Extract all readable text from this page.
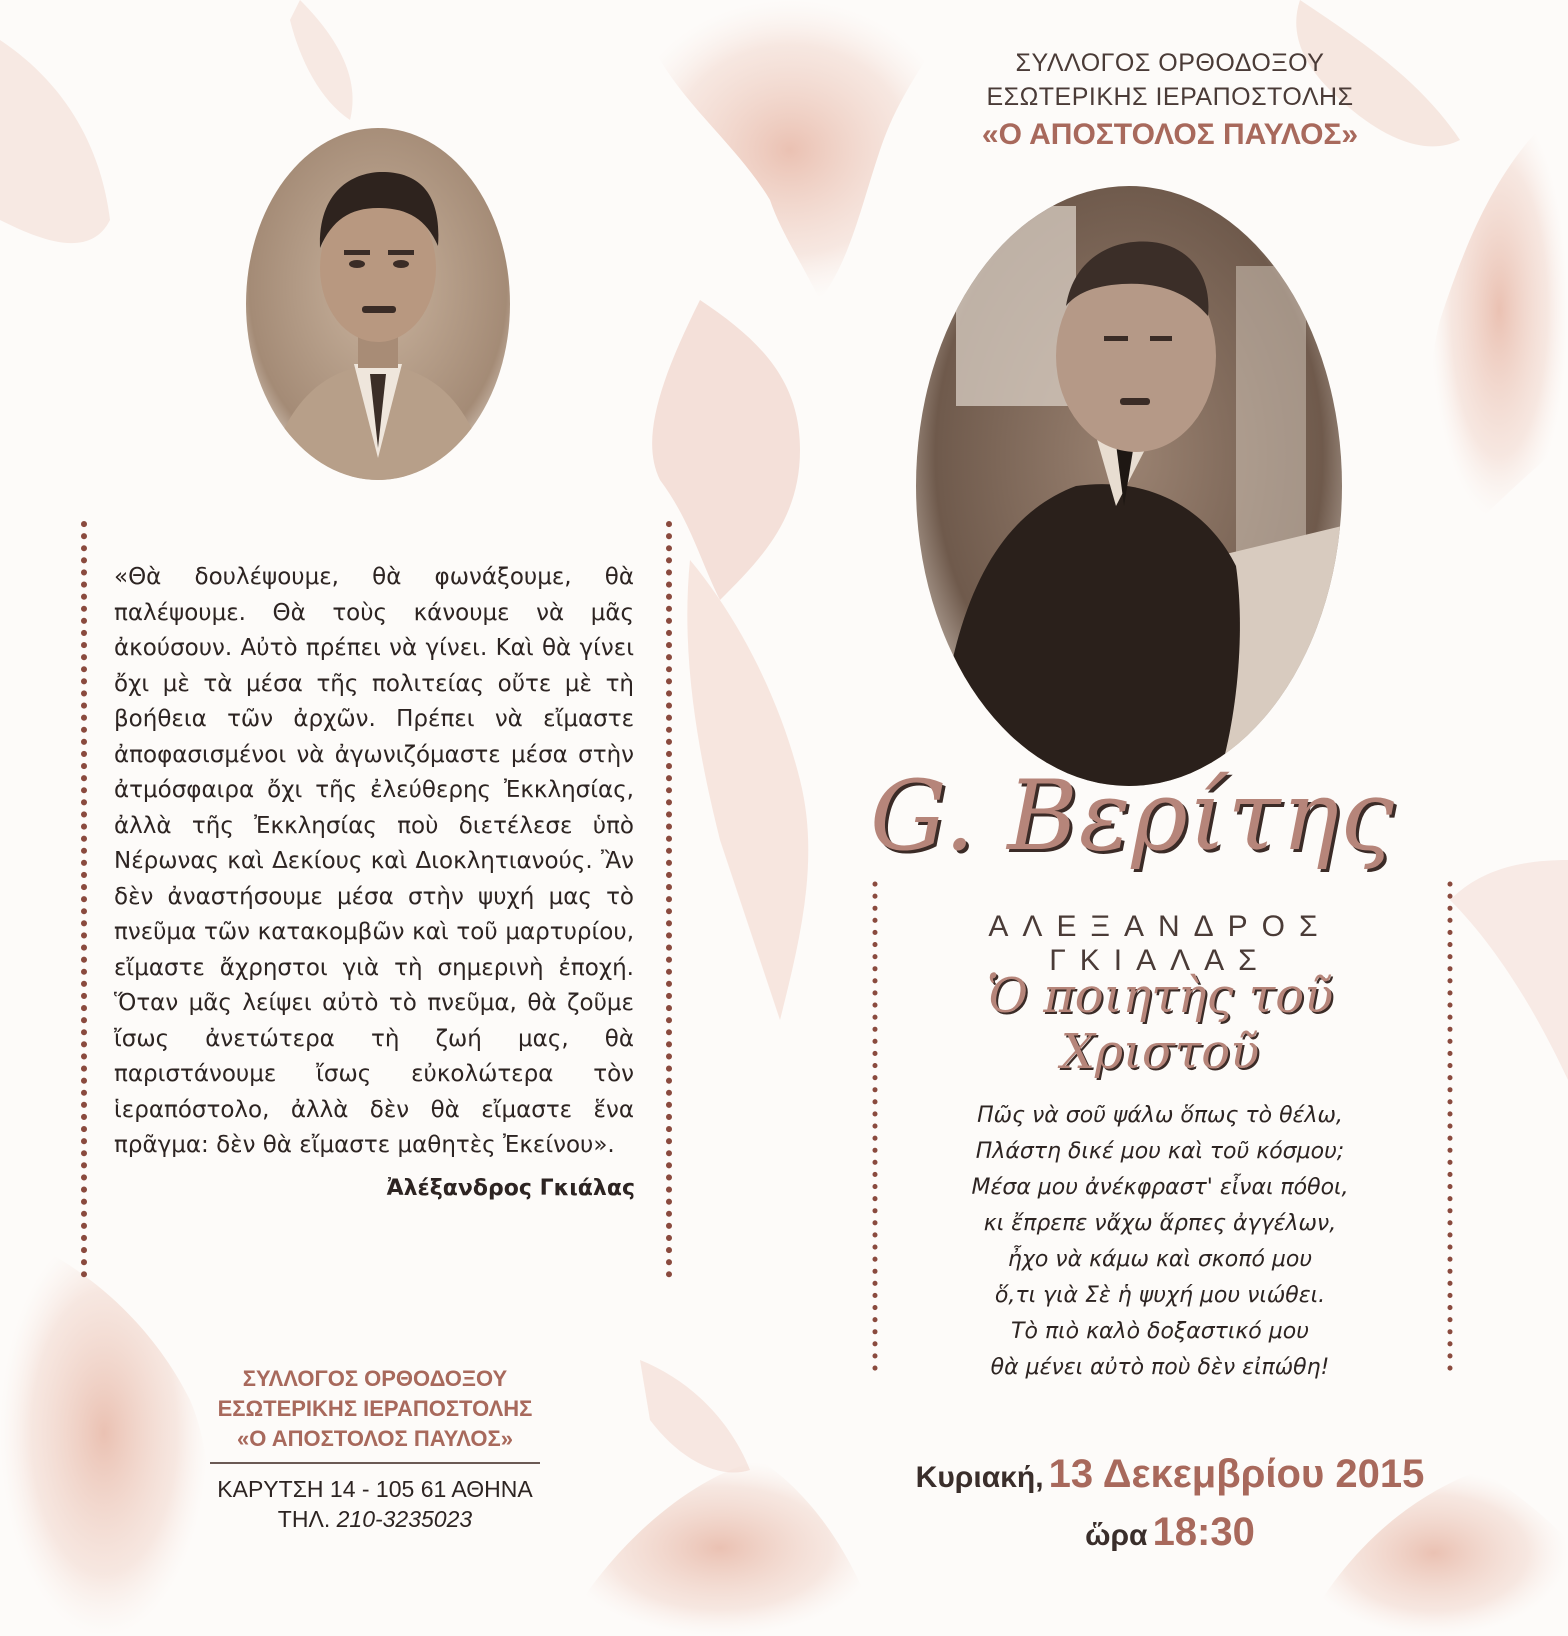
ΣΥΛΛΟΓΟΣ ΟΡΘΟΔΟΞΟΥ
ΕΣΩΤΕΡΙΚΗΣ ΙΕΡΑΠΟΣΤΟΛΗΣ
«Ο ΑΠΟΣΤΟΛΟΣ ΠΑΥΛΟΣ»
«Θὰ δουλέψουμε, θὰ φωνάξουμε, θὰ παλέψουμε. Θὰ τοὺς κάνουμε νὰ μᾶς ἀκούσουν. Αὐτὸ πρέπει νὰ γίνει. Καὶ θὰ γίνει ὄχι μὲ τὰ μέσα τῆς πολιτείας οὔτε μὲ τὴ βοήθεια τῶν ἀρχῶν. Πρέπει νὰ εἴμαστε ἀποφασισμένοι νὰ ἀγωνιζόμαστε μέσα στὴν ἀτμόσφαιρα ὄχι τῆς ἐλεύθερης Ἐκκλησίας, ἀλλὰ τῆς Ἐκκλησίας ποὺ διετέλεσε ὑπὸ Νέρωνας καὶ Δεκίους καὶ Διοκλητιανούς. Ἂν δὲν ἀναστήσουμε μέσα στὴν ψυχή μας τὸ πνεῦμα τῶν κατακομβῶν καὶ τοῦ μαρτυρίου, εἴμαστε ἄχρηστοι γιὰ τὴ σημερινὴ ἐποχή. Ὅταν μᾶς λείψει αὐτὸ τὸ πνεῦμα, θὰ ζοῦμε ἴσως ἀνετώτερα τὴ ζωή μας, θὰ παριστάνουμε ἴσως εὐκολώτερα τὸν ἱεραπόστολο, ἀλλὰ δὲν θὰ εἴμαστε ἕνα πρᾶγμα: δὲν θὰ εἴμαστε μαθητὲς Ἐκείνου».
Ἀλέξανδρος Γκιάλας
ΣΥΛΛΟΓΟΣ ΟΡΘΟΔΟΞΟΥ
ΕΣΩΤΕΡΙΚΗΣ ΙΕΡΑΠΟΣΤΟΛΗΣ
«Ο ΑΠΟΣΤΟΛΟΣ ΠΑΥΛΟΣ»
ΚΑΡΥΤΣΗ 14 - 105 61 ΑΘΗΝΑ
ΤΗΛ. 210-3235023
G. Βερίτης
ΑΛΕΞΑΝΔΡΟΣ ΓΚΙΑΛΑΣ
Ὁ ποιητὴς τοῦ Χριστοῦ
Πῶς νὰ σοῦ ψάλω ὅπως τὸ θέλω,
Πλάστη δικέ μου καὶ τοῦ κόσμου;
Μέσα μου ἀνέκφραστ' εἶναι πόθοι,
κι ἔπρεπε νἄχω ἅρπες ἀγγέλων,
ἦχο νὰ κάμω καὶ σκοπό μου
ὅ,τι γιὰ Σὲ ἡ ψυχή μου νιώθει.
Τὸ πιὸ καλὸ δοξαστικό μου
θὰ μένει αὐτὸ ποὺ δὲν εἰπώθη!
Κυριακή, 13 Δεκεμβρίου 2015
ὥρα 18:30
